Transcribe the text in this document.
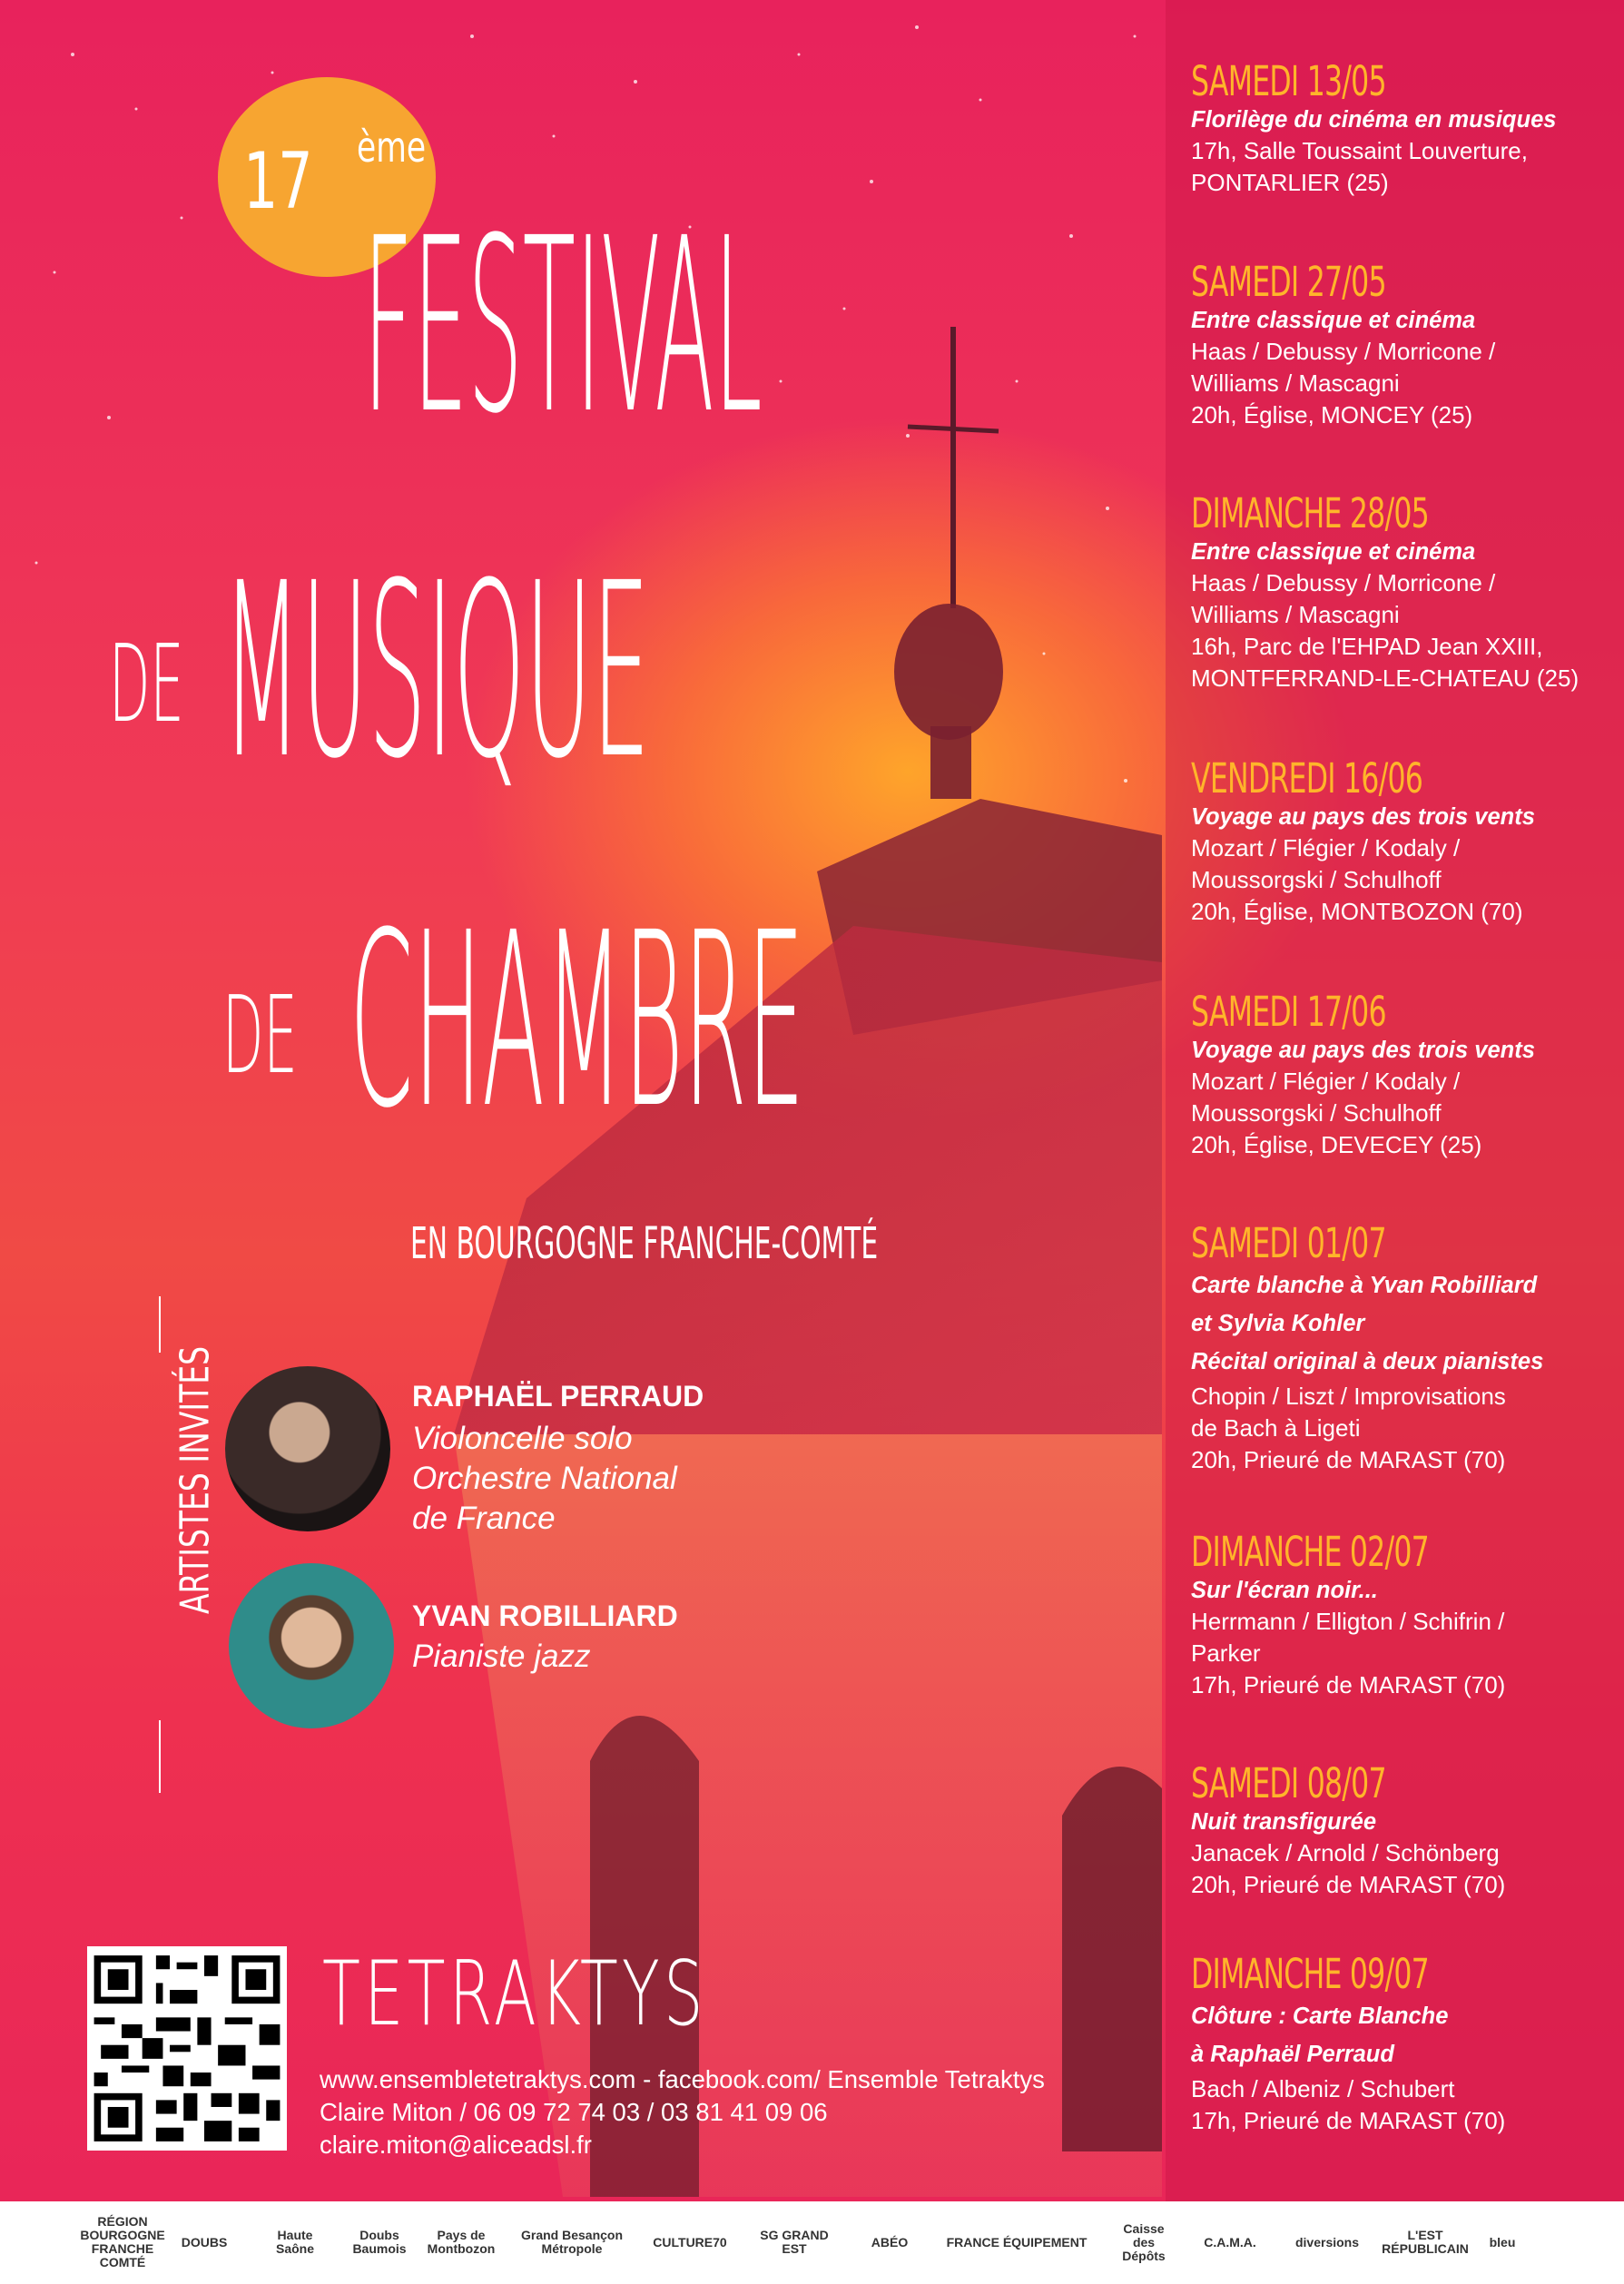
17 ème
FESTIVAL
DE MUSIQUE
DE CHAMBRE
EN BOURGOGNE FRANCHE-COMTÉ
ARTISTES INVITÉS	RAPHAËL PERRAUD
Violoncelle solo
Orchestre National
de France
YVAN ROBILLIARD
Pianiste jazz
SAMEDI 13/05
Florilège du cinéma en musiques
17h, Salle Toussaint Louverture,
PONTARLIER (25)
SAMEDI 27/05
Entre classique et cinéma
Haas / Debussy / Morricone /
Williams / Mascagni
20h, Église, MONCEY (25)
DIMANCHE 28/05
Entre classique et cinéma
Haas / Debussy / Morricone /
Williams / Mascagni
16h, Parc de l'EHPAD Jean XXIII,
MONTFERRAND-LE-CHATEAU (25)
VENDREDI 16/06
Voyage au pays des trois vents
Mozart / Flégier / Kodaly /
Moussorgski / Schulhoff
20h, Église, MONTBOZON (70)
SAMEDI 17/06
Voyage au pays des trois vents
Mozart / Flégier / Kodaly /
Moussorgski / Schulhoff
20h, Église, DEVECEY (25)
SAMEDI 01/07
Carte blanche à Yvan Robilliard
et Sylvia Kohler
Récital original à deux pianistes
Chopin / Liszt / Improvisations
de Bach à Ligeti
20h, Prieuré de MARAST (70)
DIMANCHE 02/07
Sur l'écran noir...
Herrmann / Elligton / Schifrin /
Parker
17h, Prieuré de MARAST (70)
SAMEDI 08/07
Nuit transfigurée
Janacek / Arnold / Schönberg
20h, Prieuré de MARAST (70)
DIMANCHE 09/07
Clôture : Carte Blanche
à Raphaël Perraud
Bach / Albeniz / Schubert
17h, Prieuré de MARAST (70)
TETRAKTYS
www.ensembletetraktys.com - facebook.com/ Ensemble Tetraktys
Claire Miton / 06 09 72 74 03 / 03 81 41 09 06
claire.miton@aliceadsl.fr
RÉGION BOURGOGNE FRANCHE COMTÉ
DOUBS	Haute Saône
Doubs Baumois
Pays de Montbozon
Grand Besançon Métropole	CULTURE70	SG GRAND EST	ABÉO	FRANCE ÉQUIPEMENT
Caisse des Dépôts
C.A.M.A.	diversions	L'EST RÉPUBLICAIN	bleu
